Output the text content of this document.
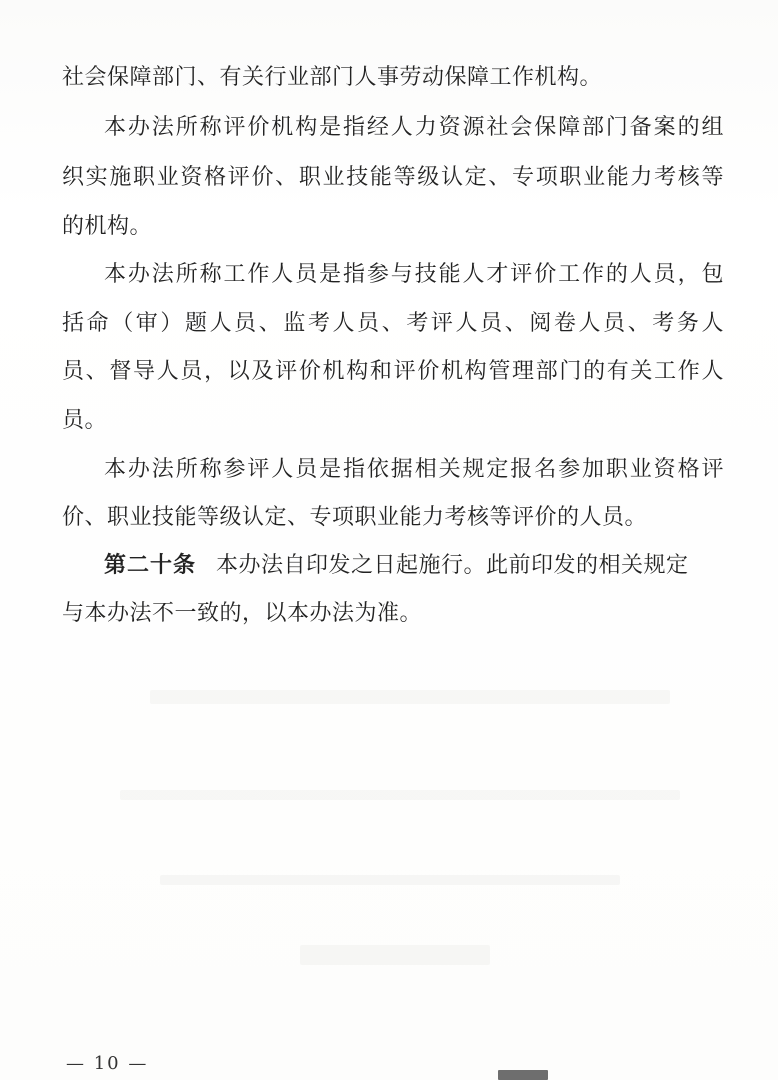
社会保障部门、有关行业部门人事劳动保障工作机构。
本办法所称评价机构是指经人力资源社会保障部门备案的组
织实施职业资格评价、职业技能等级认定、专项职业能力考核等
的机构。
本办法所称工作人员是指参与技能人才评价工作的人员，包
括命（审）题人员、监考人员、考评人员、阅卷人员、考务人
员、督导人员，以及评价机构和评价机构管理部门的有关工作人
员。
本办法所称参评人员是指依据相关规定报名参加职业资格评
价、职业技能等级认定、专项职业能力考核等评价的人员。
第二十条 本办法自印发之日起施行。此前印发的相关规定
与本办法不一致的，以本办法为准。
— 10 —
